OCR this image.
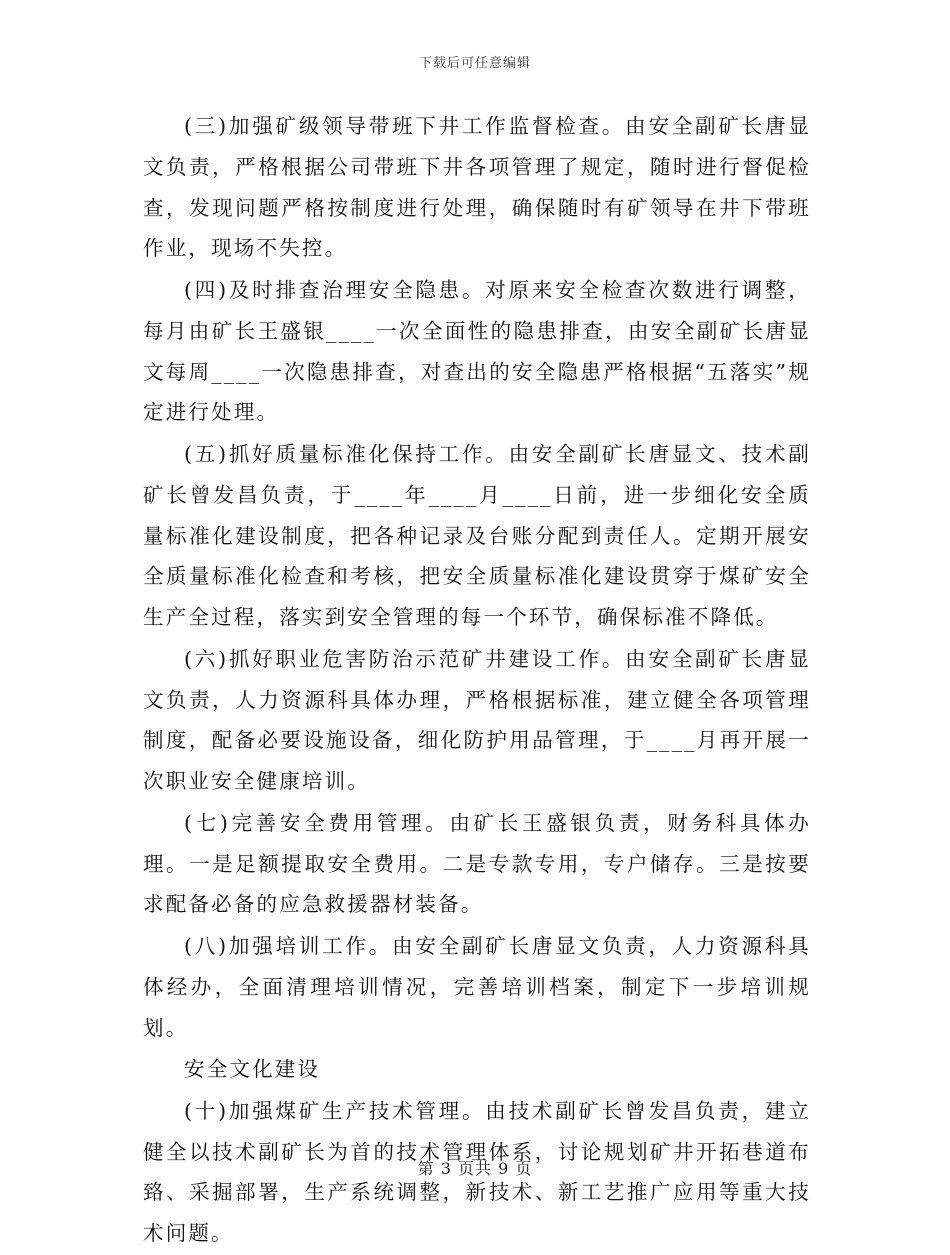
下载后可任意编辑

(三)加强矿级领导带班下井工作监督检查。由安全副矿长唐显文负责，严格根据公司带班下井各项管理了规定，随时进行督促检查，发现问题严格按制度进行处理，确保随时有矿领导在井下带班作业，现场不失控。

(四)及时排查治理安全隐患。对原来安全检查次数进行调整，每月由矿长王盛银____一次全面性的隐患排查，由安全副矿长唐显文每周____一次隐患排查，对查出的安全隐患严格根据“五落实”规定进行处理。

(五)抓好质量标准化保持工作。由安全副矿长唐显文、技术副矿长曾发昌负责，于____年____月____日前，进一步细化安全质量标准化建设制度，把各种记录及台账分配到责任人。定期开展安全质量标准化检查和考核，把安全质量标准化建设贯穿于煤矿安全生产全过程，落实到安全管理的每一个环节，确保标准不降低。

(六)抓好职业危害防治示范矿井建设工作。由安全副矿长唐显文负责，人力资源科具体办理，严格根据标准，建立健全各项管理制度，配备必要设施设备，细化防护用品管理，于____月再开展一次职业安全健康培训。

(七)完善安全费用管理。由矿长王盛银负责，财务科具体办理。一是足额提取安全费用。二是专款专用，专户储存。三是按要求配备必备的应急救援器材装备。

(八)加强培训工作。由安全副矿长唐显文负责，人力资源科具体经办，全面清理培训情况，完善培训档案，制定下一步培训规划。

安全文化建设

(十)加强煤矿生产技术管理。由技术副矿长曾发昌负责，建立健全以技术副矿长为首的技术管理体系，讨论规划矿井开拓巷道布臵、采掘部署，生产系统调整，新技术、新工艺推广应用等重大技术问题。

第 3 页共 9 页
